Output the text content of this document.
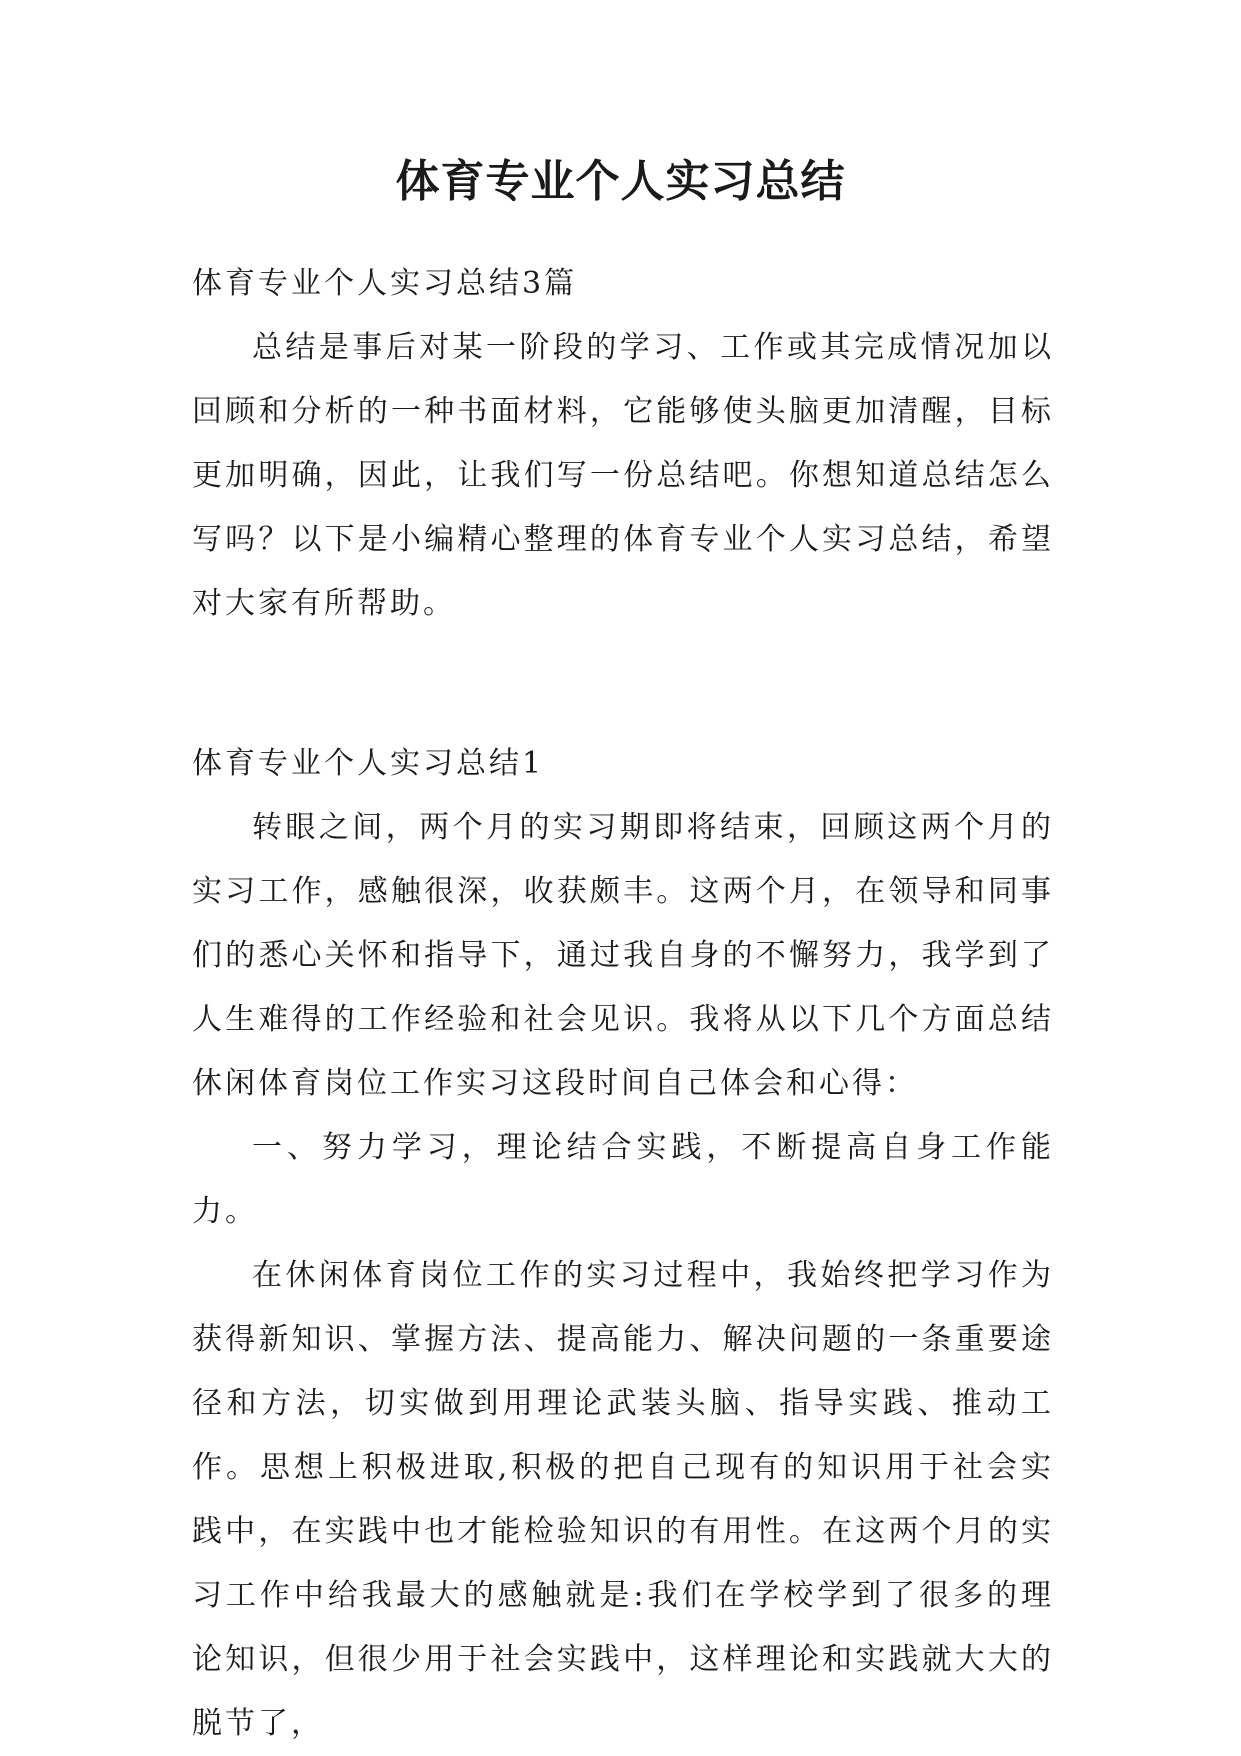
体育专业个人实习总结

体育专业个人实习总结3篇

总结是事后对某一阶段的学习、工作或其完成情况加以回顾和分析的一种书面材料，它能够使头脑更加清醒，目标更加明确，因此，让我们写一份总结吧。你想知道总结怎么写吗？以下是小编精心整理的体育专业个人实习总结，希望对大家有所帮助。

体育专业个人实习总结1

转眼之间，两个月的实习期即将结束，回顾这两个月的实习工作，感触很深，收获颇丰。这两个月，在领导和同事们的悉心关怀和指导下，通过我自身的不懈努力，我学到了人生难得的工作经验和社会见识。我将从以下几个方面总结休闲体育岗位工作实习这段时间自己体会和心得：

一、努力学习，理论结合实践，不断提高自身工作能力。

在休闲体育岗位工作的实习过程中，我始终把学习作为获得新知识、掌握方法、提高能力、解决问题的一条重要途径和方法，切实做到用理论武装头脑、指导实践、推动工作。思想上积极进取,积极的把自己现有的知识用于社会实践中，在实践中也才能检验知识的有用性。在这两个月的实习工作中给我最大的感触就是:我们在学校学到了很多的理论知识，但很少用于社会实践中，这样理论和实践就大大的脱节了，
